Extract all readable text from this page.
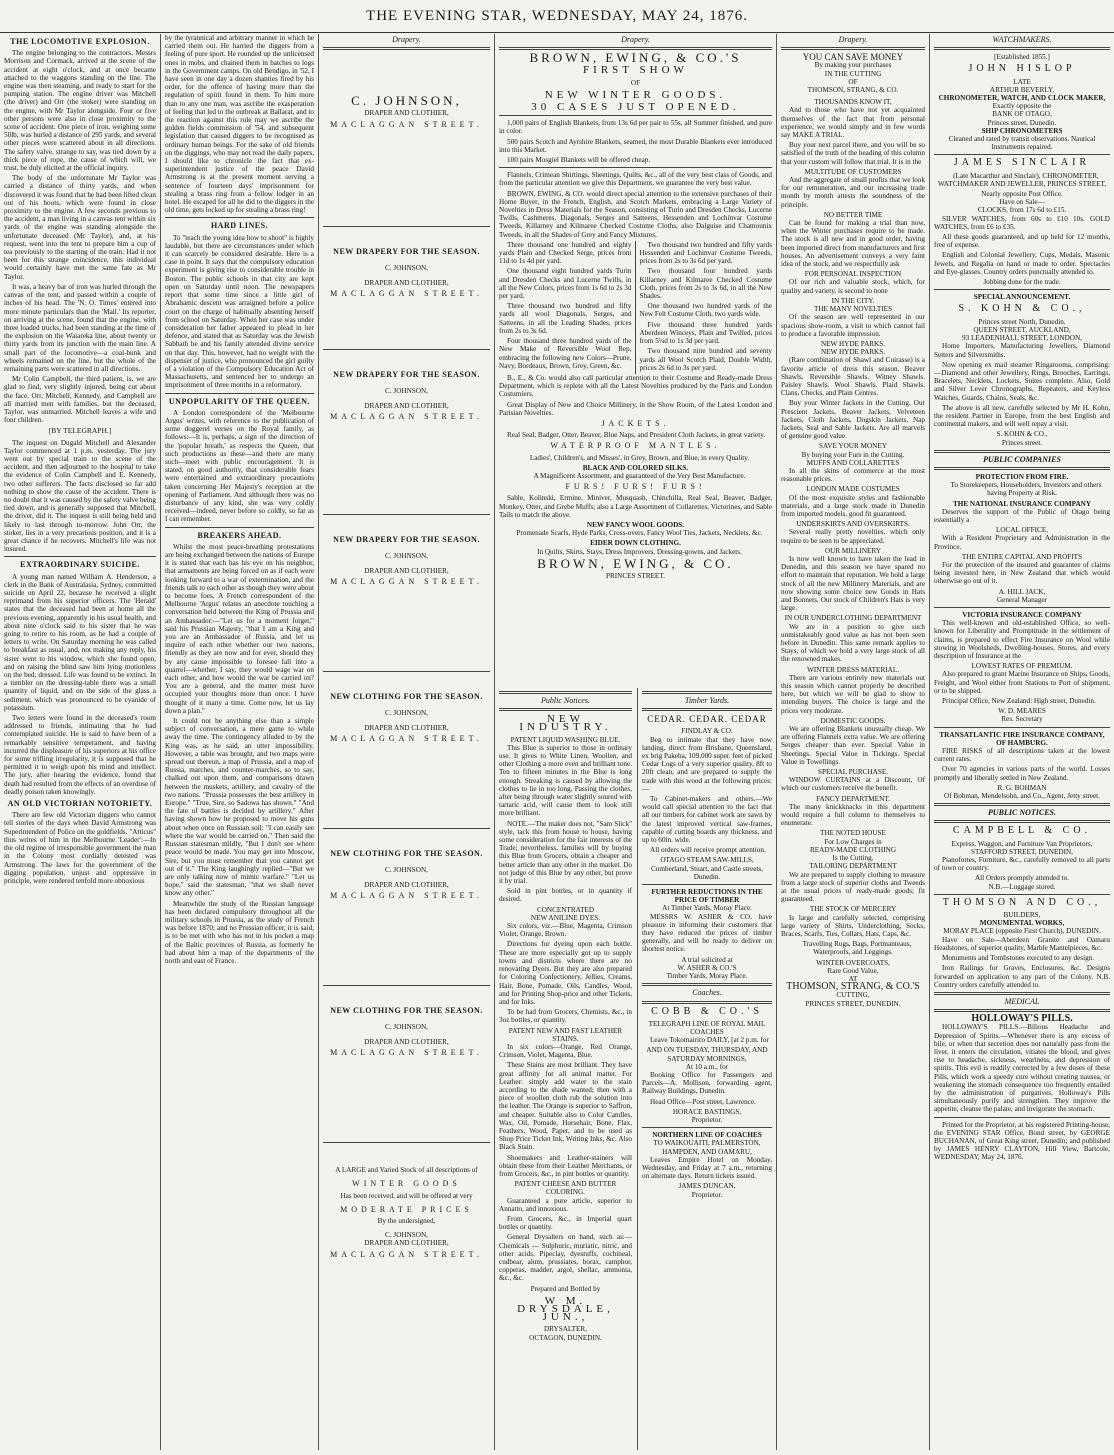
THE EVENING STAR, WEDNESDAY, MAY 24, 1876.
THE LOCOMOTIVE EXPLOSION.

The engine belonging to the contractors, Messrs Morrison and Cormack, arrived at the scene of the accident at eight o'clock, and at once became attached to the waggons standing on the line. The engine was then steaming, and ready to start for the pumping station. The engine driver was Mitchell (the driver) and Orr (the stoker) were standing on the engine, with Mr Taylor alongside. Four or five other persons were also in close proximity to the scene of accident. One piece of iron, weighing some 50lb, was hurled a distance of 295 yards, and several other pieces were scattered about in all directions. The safety valve, strange to say, was tied down by a thick piece of rope, the cause of which will, we trust, be duly elicited at the official inquiry.

The body of the unfortunate Mr Taylor was carried a distance of thirty yards, and when discovered it was found that he had been lifted clean out of his boots, which were found in close proximity to the engine. A few seconds previous to the accident, a man living in a canvas tent within six yards of the engine was standing alongside the unfortunate deceased (Mr Taylor), and, at his request, went into the tent to prepare him a cup of tea previously to the starting of the train. Had it not been for this strange coincidence, this individual would certainly have met the same fate as Mr Taylor.

It was, a heavy bar of iron was hurled through the canvas of the tent, and passed within a couple of inches of his head. The 'N. O. Times' entered into more minute particulars than the 'Mail.' Its reporter, on arriving at the scene, found that the engine, with three loaded trucks, had been standing at the time of the explosion on the Waiareka line, about twenty or thirty yards from its junction with the main line. A small part of the locomotive—a coal-bunk and wheels remained on the line, but the whole of the remaining parts were scattered in all directions.

Mr Colin Campbell, the third patient, is, we are glad to find, very slightly injured, being cut about the face. Orr, Mitchell, Kennedy, and Campbell are all married men with families, but the deceased, Taylor, was unmarried. Mitchell leaves a wife and four children.

[BY TELEGRAPH.]

The inquest on Dugald Mitchell and Alexander Taylor commenced at 1 p.m. yesterday. The jury went out by special train to the scene of the accident, and then adjourned to the hospital to take the evidence of Colin Campbell and E. Kennedy, two other sufferers. The facts disclosed so far add nothing to show the cause of the accident. There is no doubt that it was caused by the safety valve being tied down, and is generally supposed that Mitchell, the driver, did it. The inquest is still being held and likely to last through to-morrow. John Orr, the stoker, lies in a very precarious position, and it is a great chance if he recovers. Mitchell's life was not insured.

EXTRAORDINARY SUICIDE.

A young man named William A. Henderson, a clerk in the Bank of Australasia, Sydney, committed suicide on April 22, because he received a slight reprimand from his superior officers. The 'Herald' states that the deceased had been at home all the previous evening, apparently in his usual health, and about nine o'clock said to his sister that he was going to retire to his room, as he had a couple of letters to write. On Saturday morning he was called to breakfast as usual, and, not making any reply, his sister went to his window, which she found open, and on raising the blind saw him lying motionless on the bed, dressed. Life was found to be extinct. In a tumbler on the dressing-table there was a small quantity of liquid, and on the side of the glass a sediment, which was pronounced to be cyanide of potassium.

Two letters were found in the deceased's room addressed to friends, intimating that he had contemplated suicide. He is said to have been of a remarkably sensitive temperament, and having incurred the displeasure of his superiors at his office for some trifling irregularity, it is supposed that he permitted it to weigh upon his mind and intellect. The jury, after hearing the evidence, found that death had resulted from the effects of an overdose of deadly poison taken knowingly.

AN OLD VICTORIAN NOTORIETY.

There are few old Victorian diggers who cannot tell stories of the days when David Armstrong was Superintendent of Police on the goldfields. "Atticus" thus writes of him in the Melbourne 'Leader':—In the old regime of irresponsible government the man in the Colony most cordially detested was Armstrong. The laws for the government of the digging population, unjust and oppressive in principle, were rendered tenfold more obnoxious

by the tyrannical and arbitrary manner in which he carried them out. He harried the diggers from a feeling of pure sport. He rounded up the unlicensed ones in mobs, and chained them in batches to logs in the Government camps. On old Bendigo, in '52, I have seen in one day a dozen shanties fired by his order, for the offence of having more than the regulation of spirit found in them. To him more than to any one man, was ascribe the exasperation of feeling that led to the outbreak at Ballarat, and to the reaction against this rule may we ascribe the golden fields commission of '54, and subsequent legislation that caused diggers to be recognised as ordinary human beings. For the sake of old friends on the diggings, who may not read the daily papers, I should like to chronicle the fact that ex-superintendent justice of the peace David Armstrong is at the present moment serving a sentence of fourteen days' imprisonment for stealing a brass ring from a fellow lodger in an hotel. He escaped for all he did to the diggers in the old time, gets locked up for stealing a brass ring!

HARD LINES.

To "teach the young idea how to shoot" is highly laudable, but there are circumstances under which it can scarcely be considered desirable. Here is a case in point. It says that the compulsory education experiment is giving rise to considerable trouble in Boston. The public schools in that city are kept open on Saturday until noon. The newspapers report that some time since a little girl of Abrahamic descent was arraigned before a police court on the charge of habitually absenting herself from school on Saturday. When her case was under consideration her father appeared to plead in her defence, and stated that as Saturday was the Jewish Sabbath he and his family attended divine service on that day. This, however, had no weight with the dispenser of justice, who pronounced the girl guilty of a violation of the Compulsory Education Act of Massachusetts, and sentenced her to undergo an imprisonment of three months in a reformatory.

UNPOPULARITY OF THE QUEEN.

A London correspondent of the 'Melbourne Argus' writes, with reference to the publication of some doggerel verses on the Royal family, as follows:—It is, perhaps, a sign of the direction of the 'popular breath,' as respects the Queen, that such productions as these—and there are many such—meet with public encouragement. It is stated, on good authority, that considerable fears were entertained and extraordinary precautions taken concerning Her Majesty's reception at the opening of Parliament. And although there was no disturbance of any kind, she was very coldly received—indeed, never before so coldly, so far as I can remember.

BREAKERS AHEAD.

Whilst the most peace-breathing protestations are being exchanged between the nations of Europe it is stated that each has his eye on his neighbor, that armaments are being forced on as if each were looking forward to a war of extermination, and the friends talk to each other as though they were about to become foes. A French correspondent of the Melbourne 'Argus' relates an anecdote touching a conversation held between the King of Prussia and an Ambassador:—"Let us for a moment forget," said his Prussian Majesty, "that I am a King and you are an Ambassador of Russia, and let us inquire of each other whether our two nations, friendly as they are now and for ever, should they by any cause impossible to foresee fall into a quarrel—whether, I say, they would wage war on each other, and how would the war be carried on? You are a general, and the matter must have occupied your thoughts more than once. I have thought of it many a time. Come now, let us lay down a plan."

It could not be anything else than a simple subject of conversation, a mere game to while away the time. The contingency alluded to by the King was, as he said, an utter impossibility. However, a table was brought, and two maps were spread out thereon, a map of Prussia, and a map of Russia, marches, and counter-marches, so to say, chalked out upon them, and comparisons drawn between the muskets, artillery, and cavalry of the two nations. "Prussia possesses the best artillery in Europe." "True, Sire, so Sadowa has shown." "And the fate of battles is decided by artillery." After having shown how he proposed to move his guns about when once on Russian soil: "I can easily see where the war would be carried on." Then said the Russian statesman mildly, "But I don't see where peace would be made. You may get into Moscow, Sire, but you must remember that you cannot get out of it." The King laughingly replied—"But we are only talking now of mimic warfare." "Let us hope," said the statesman, "that we shall never know any other."

Meanwhile the study of the Russian language has been declared compulsory throughout all the military schools in Prussia, as the study of French was before 1870; and no Prussian officer, it is said, is to be met with who has not in his pocket a map of the Baltic provinces of Russia, as formerly he had about him a map of the departments of the north and east of France.

Drapery.
C. JOHNSON,
DRAPER AND CLOTHIER,
MACLAGGAN STREET.
NEW DRAPERY FOR THE SEASON.
C. JOHNSON,
DRAPER AND CLOTHIER,
MACLAGGAN STREET.
NEW DRAPERY FOR THE SEASON.
C. JOHNSON,
DRAPER AND CLOTHIER,
MACLAGGAN STREET.
NEW DRAPERY FOR THE SEASON.
C. JOHNSON,
DRAPER AND CLOTHIER,
MACLAGGAN STREET.
NEW CLOTHING FOR THE SEASON.
C. JOHNSON,
DRAPER AND CLOTHIER,
MACLAGGAN STREET.
NEW CLOTHING FOR THE SEASON.
C. JOHNSON,
DRAPER AND CLOTHIER,
MACLAGGAN STREET.
NEW CLOTHING FOR THE SEASON.
C. JOHNSON,
DRAPER AND CLOTHIER,
MACLAGGAN STREET.
A LARGE and Varied Stock of all descriptions of
WINTER GOODS
Has been received, and will be offered at very
MODERATE PRICES
By the undersigned,
C. JOHNSON,
DRAPER AND CLOTHIER,
MACLAGGAN STREET.
Drapery.
BROWN, EWING, & CO.'S
FIRST SHOW
OF
NEW WINTER GOODS.
30 CASES JUST OPENED.

1,000 pairs of English Blankets, from 13s 6d per pair to 55s, all Summer finished, and pure in color.

500 pairs Scotch and Ayrshire Blankets, seamed, the most Durable Blankets ever introduced into this Market.

100 pairs Mosgiel Blankets will be offered cheap.

Flannels, Crimean Shirtings, Sheetings, Quilts, &c., all of the very best class of Goods, and from the particular attention we give this Department, we guarantee the very best value.

BROWN, EWING, & CO. would direct special attention to the extensive purchases of their Home Buyer, in the French, English, and Scotch Markets, embracing a Large Variety of Novelties in Dress Materials for the Season, consisting of Turin and Dresden Checks, Lucerne Twills, Cashmeres, Diagonals, Serges and Satteens, Hessenden and Lochinvar Costume Tweeds, Killarney and Kilmaree Checked Costume Cloths, also Dalguise and Chamounix Tweeds, in all the Shades of Grey and Fancy Mixtures.

Three thousand one hundred and eighty yards Plain and Checked Serge, prices from 11d to 1s 4d per yard.

One thousand eight hundred yards Turin and Dresden Checks and Lucerne Twills, in all the New Colors, prices from 1s 6d to 2s 3d per yard.

Three thousand two hundred and fifty yards all wool Diagonals, Serges, and Satteens, in all the Leading Shades, prices from 2s to 3s 6d.

Four thousand three hundred yards of the New Make of Reversible Wool Rep, embracing the following new Colors—Prune, Navy, Bordeaux, Brown, Grey, Green, &c.

Two thousand two hundred and fifty yards Hessenden and Lochinvar Costume Tweeds, prices from 2s to 3s 6d per yard.

Two thousand four hundred yards Killarney and Kilmaree Checked Costume Cloth, prices from 2s to 3s 6d, in all the New Shades.

One thousand two hundred yards of the New Felt Costume Cloth, two yards wide.

Five thousand three hundred yards Aberdeen Winceys, Plain and Twilled, prices from 5¼d to 1s 3d per yard.

Two thousand nine hundred and seventy yards all Wool Scotch Plaid, Double Width, prices 2s 6d to 3s per yard.

B., E., & Co. would also call particular attention to their Costume and Ready-made Dress Department, which is replete with all the Latest Novelties produced by the Paris and London Costumiers.

Great Display of New and Choice Millinery, in the Show Room, of the Latest London and Parisian Novelties.

JACKETS.

Real Seal, Badger, Otter, Beaver, Blue Naps, and President Cloth Jackets, in great variety.

WATERPROOF MANTLES.

Ladies', Children's, and Misses', in Grey, Brown, and Blue, in every Quality.

BLACK AND COLORED SILKS.

A Magnificent Assortment, and guaranteed of the Very Best Manufacture.

FURS! FURS! FURS!

Sable, Kolinski, Ermine, Miniver, Musquash, Chinchilla, Real Seal, Beaver, Badger, Monkey, Otter, and Grebe Muffs; also a Large Assortment of Collarettes, Victorines, and Sable Tails to match the above.

NEW FANCY WOOL GOODS.

Promenade Scarfs, Hyde Parks, Cross-overs, Fancy Wool Ties, Jackets, Necklets, &c.

EIDER DOWN CLOTHING.

In Quilts, Skirts, Stays, Dress Improvers, Dressing-gowns, and Jackets.

BROWN, EWING, & CO.
PRINCES STREET.
Public Notices.
NEW INDUSTRY.
PATENT LIQUID WASHING BLUE.

This Blue is superior to those in ordinary use. It gives to White Linen, Woollen, and other Clothing a more even and brilliant tone. Ten to fifteen minutes in the Blue is long enough. Streaking is caused by allowing the clothes to lie in too long. Passing the clothes, after being through water slightly soured with tartaric acid, will cause them to look still more brilliant.

NOTE.—The maker does not, "Sam Slick" style, tack this from house to house, having some consideration for the fair interests of the Trade; nevertheless, families will by buying this Blue from Grocers, obtain a cheaper and better article than any other in the market. Do not judge of this Blue by any other, but prove it by trial.

Sold in pint bottles, or in quantity if desired.

CONCENTRATED
NEW ANILINE DYES.

Six colors, viz.—Blue, Magenta, Crimson Violet, Orange, Brown.

Directions for dyeing upon each bottle. These are more especially got up to supply towns and districts where there are no renovating Dyers. But they are also prepared for Coloring Confectionery, Jellies, Creams, Hair, Bone, Pomade, Oils, Candles, Wood, and for Printing Shop-price and other Tickets, and for Inks.

To be had from Grocers, Chemists, &c., in 3oz bottles, or quantity.

PATENT NEW AND FAST LEATHER STAINS.

In six colors—Orange, Red Orange, Crimson, Violet, Magenta, Blue.

These Stains are most brilliant. They have great affinity for all animal matter. For Leather: simply add water to the stain according to the shade wanted; then with a piece of woollen cloth rub the solution into the leather. The Orange is superior to Saffron, and cheaper. Suitable also to Color Candles, Wax, Oil, Pomade, Horsehair, Bone, Flax, Feathers, Wood, Paper, and to be used as Shop Price Ticket Ink, Writing Inks, &c. Also Black Stain.

Shoemakers and Leather-stainers will obtain these from their Leather Merchants, or from Grocers, &c., in pint bottles or quantity.

PATENT CHEESE AND BUTTER COLORING.

Guaranteed a pure article, superior to Annatto, and innoxious.

From Grocers, &c., in Imperial quart bottles or quantity.

General Drysalters on hand, such as:—Chemicals — Sulphuric, muriatic, nitric, and other acids. Pipeclay, dyestuffs, cochineal, cudbear, alum, prussiates, borax, camphor, copperas, madder, argol, shellac, ammonia, &c., &c.

Prepared and Bottled by
W M. DRYSDALE, JUN.,
DRYSALTER,
OCTAGON, DUNEDIN.
Timber Yards.
CEDAR. CEDAR. CEDAR
FINDLAY & CO.

Beg to intimate that they have now landing, direct from Brisbane, Queensland, ex brig Pakeha, 109,000 super. feet of picked Cedar Logs of a very superior quality, 8ft to 20ft clean, and are prepared to supply the trade with this wood at the following prices:—

To Cabinet-makers and others.—We would call special attention to the fact that all our timbers for cabinet work are sawn by the latest improved vertical saw-frames, capable of cutting boards any thickness, and up to 60in. wide.

All orders will receive prompt attention.

OTAGO STEAM SAW-MILLS,
Cumberland, Stuart, and Castle streets, Dunedin.
FURTHER REDUCTIONS IN THE PRICE OF TIMBER
At Timber Yards, Moray Place.

MESSRS W. ASHER & CO. have pleasure in informing their customers that they have reduced the prices of timber generally, and will be ready to deliver on shortest notice.

A trial solicited at
W. ASHER & CO.'S
Timber Yards, Moray Place.
Coaches.
COBB & CO.'S
TELEGRAPH LINE OF ROYAL MAIL COACHES

Leave Tokomairiro DAILY, [at 2 p.m. for

AND ON TUESDAY, THURSDAY, AND SATURDAY MORNINGS,
At 10 a.m., for

Booking Office for Passengers and Parcels—A. Mollison, forwarding agent, Railway Buildings, Dunedin.

Head Office—Post street, Lawrence.

HORACE BASTINGS,
Proprietor.
NORTHERN LINE OF COACHES
TO WAIKOUAITI, PALMERSTON, HAMPDEN, AND OAMARU,

Leaves Empire Hotel on Monday, Wednesday, and Friday at 7 a.m., returning on alternate days. Return tickets issued.

JAMES DUNCAN,
Proprietor.
Drapery.
YOU CAN SAVE MONEY
By making your purchases
IN THE CUTTING
OF
THOMSON, STRANG, & CO.
THOUSANDS KNOW IT,

And to those who have not yet acquainted themselves of the fact that from personal experience, we would simply and in few words say MAKE A TRIAL.

Buy your next parcel there, and you will be so satisfied of the truth of the heading of this column that your custom will follow that trial. It is in the

MULTITUDE OF CUSTOMERS

And the aggregate of small profits that we look for our remuneration, and our increasing trade month by month attests the soundness of the principle.

NO BETTER TIME

Can be found for making a trial than now, when the Winter purchases require to be made. The stock is all new and in good order, having been imported direct from manufacturers and first houses. An advertisement conveys a very faint idea of the stock, and we respectfully ask

FOR PERSONAL INSPECTION

Of our rich and valuable stock, which, for quality and variety, is second to none

IN THE CITY.
THE MANY NOVELTIES

Of the season are well represented in our spacious show-room, a visit to which cannot fail to produce a favorable impression.

NEW HYDE PARKS.
NEW HYDE PARKS.

(Rare combination of Shawl and Cuirasse) is a favorite article of dress this season. Beaver Shawls. Reversible Shawls. Witney Shawls. Paisley Shawls. Wool Shawls. Plaid Shawls. Clans, Checks, and Plain Centres.

Buy your Winter Jackets in the Cutting. Our Prescient Jackets, Beaver Jackets, Velveteen Jackets, Cloth Jackets, Dogskin Jackets, Nap Jackets, Seal and Sable Jackets. Are all marvels of genuine good value.

SAVE YOUR MONEY
By buying your Furs in the Cutting.
MUFFS AND COLLARETTES

In all the skins of commerce at the most reasonable prices.

LONDON MADE COSTUMES

Of the most exquisite styles and fashionable materials, and a large stock made in Dunedin from imported models, good fit guaranteed.

UNDERSKIRTS AND OVERSKIRTS.

Several really pretty novelties, which only require to be seen to be appreciated.

OUR MILLINERY

Is now well known to have taken the lead in Dunedin, and this season we have spared no effort to maintain that reputation. We hold a large stock of all the new Millinery Materials, and are now showing some choice new Goods in Hats and Bonnets. Our stock of Children's Hats is very large.

IN OUR UNDERCLOTHING DEPARTMENT

We are in a position to give such unmistakeably good value as has not been seen before in Dunedin. This same remark applies to Stays, of which we hold a very large stock of all the renowned makes.

WINTER DRESS MATERIAL.

There are various entirely new materials out this season which cannot properly be described here, but which we will be glad to show to intending buyers. The choice is large and the prices very moderate.

DOMESTIC GOODS.

We are offering Blankets unusually cheap. We are offering Flannels extra value. We are offering Serges cheaper than ever. Special Value in Sheetings. Special Value in Tickings. Special Value in Towellings.

SPECIAL PURCHASE.

WINDOW CURTAINS at a Discount, Of which our customers receive the benefit.

FANCY DEPARTMENT.

The many knickknacks in this department would require a full column to themselves to enumerate.

THE NOTED HOUSE
For Low Charges in
READY-MADE CLOTHING
Is the Cutting.
TAILORING DEPARTMENT

We are prepared to supply clothing to measure from a large stock of superior cloths and Tweeds at the usual prices of ready-made goods; fit guaranteed.

THE STOCK OF MERCERY

Is large and carefully selected, comprising large variety of Shirts, Underclothing, Socks, Braces, Scarfs, Ties, Collars, Hats, Caps, &c.

Travelling Rugs, Bags, Portmanteaus, Waterproofs, and Leggings.

WINTER OVERCOATS,
Rare Good Value,
AT
THOMSON, STRANG, & CO.'S
CUTTING,
PRINCES STREET, DUNEDIN.
WATCHMAKERS.
[Established 1855.]
JOHN HISLOP
LATE
ARTHUR BEVERLY,
CHRONOMETER, WATCH, AND CLOCK MAKER,
Exactly opposite the
BANK OF OTAGO,
Princes street, Dunedin.
SHIP CHRONOMETERS
Cleaned and rated by transit observations. Nautical Instruments repaired.
JAMES SINCLAIR

(Late Macarthur and Sinclair), CHRONOMETER, WATCHMAKER AND JEWELLER, PRINCES STREET,

Nearly opposite Post Office.
Have on Sale—
CLOCKS, from 17s 6d to £15.

SILVER WATCHES, from 60s to £10 10s. GOLD WATCHES, from £6 to £35.

All these goods guaranteed, and up held for 12 months, free of expense.

English and Colonial Jewellery, Cups, Medals, Masonic Jewels, and Regalia on hand or made to order. Spectacles and Eye-glasses. Country orders punctually attended to.

Jobbing done for the trade.
SPECIAL ANNOUNCEMENT.
S. KOHN & CO.,
Princes street North, Dunedin.
QUEEN STREET, AUCKLAND,
93 LEADENHALL STREET, LONDON,

Home Importers, Manufacturing Jewellers, Diamond Setters and Silversmiths.

Now opening ex mail steamer Ringarooma, comprising:—Diamond and other Jewellery, Rings, Brooches, Earrings, Bracelets, Necklets, Lockets, Suites complete. Also, Gold and Silver Lever Chronographs, Repeaters, and Keyless Watches, Guards, Chains, Seals, &c.

The above is all new, carefully selected by Mr H. Kohn, the resident Partner in Europe, from the best English and continental makers, and will well repay a visit.

S. KOHN & CO.,
Princes street.
PUBLIC COMPANIES
PROTECTION FROM FIRE.

To Storekeepers, Householders, Investors and others having Property at Risk.

THE NATIONAL INSURANCE COMPANY

Deserves the support of the Public of Otago being essentially a

LOCAL OFFICE,

With a Resident Proprietary and Administration in the Province.

THE ENTIRE CAPITAL AND PROFITS

For the protection of the insured and guarantee of claims being invested here, in New Zealand that which would otherwise go out of it.

A. HILL JACK,
General Manager
VICTORIA INSURANCE COMPANY

This well-known and old-established Office, so well-known for Liberality and Promptitude in the settlement of claims, is prepared to effect Fire Insurance on Wool while stowing in Woolsheds, Dwelling-houses, Stores, and every description of Insurance at the

LOWEST RATES OF PREMIUM.

Also prepared to grant Marine Insurance on Ships, Goods, Freight, and Wool either from Stations to Port of shipment, or to be shipped.

Principal Office, New Zealand: High street, Dunedin.

W. D. MEARES
Res. Secretary
TRANSATLANTIC FIRE INSURANCE COMPANY, OF HAMBURG.

FIRE RISKS of all descriptions taken at the lowest current rates.

Over 70 agencies in various parts of the world. Losses promptly and liberally settled in New Zealand.

R. G. BOHMAN
Of Bohman, Mendelsohn, and Co., Agent, Jetty street.
PUBLIC NOTICES.
CAMPBELL & CO.
Express, Waggon, and Furniture Van Proprietors,
STAFFORD STREET, DUNEDIN,

Pianofortes, Furniture, &c., carefully removed to all parts of town or country.

All Orders promptly attended to.
N.B.—Luggage stored.
THOMSON AND CO.,
BUILDERS,
MONUMENTAL WORKS,
MORAY PLACE (opposite First Church), DUNEDIN.

Have on Sale—Aberdeen Granite and Oamaru Headstones, of superior quality, Marble Mantelpieces, &c.

Monuments and Tombstones executed to any design.

Iron Railings for Graves, Enclosures, &c. Designs forwarded on application to any part of the Colony. N.B. Country orders carefully attended to.

MEDICAL
HOLLOWAY'S PILLS.

HOLLOWAY'S PILLS.—Bilious Headache and Depression of Spirits.—Whenever there is any excess of bile, or when that secretion does not naturally pass from the liver, it enters the circulation, vitiates the blood, and gives rise to headache, sickness, weariness, and depression of spirits. This evil is readily corrected by a few doses of these Pills, which work a speedy cure without creating nausea, or weakening the stomach consequence too frequently entailed by the administration of purgatives. Holloway's Pills simultaneously purify and strengthen. They improve the appetite, cleanse the palate, and invigorate the stomach.

Printed for the Proprietor, at his registered Printing-house, the EVENING STAR Office, Bond street, by GEORGE BUCHANAN, of Great King street, Dunedin; and published by JAMES HENRY CLAYTON, Hill View, Bartcole, WEDNESDAY, May 24, 1876.
